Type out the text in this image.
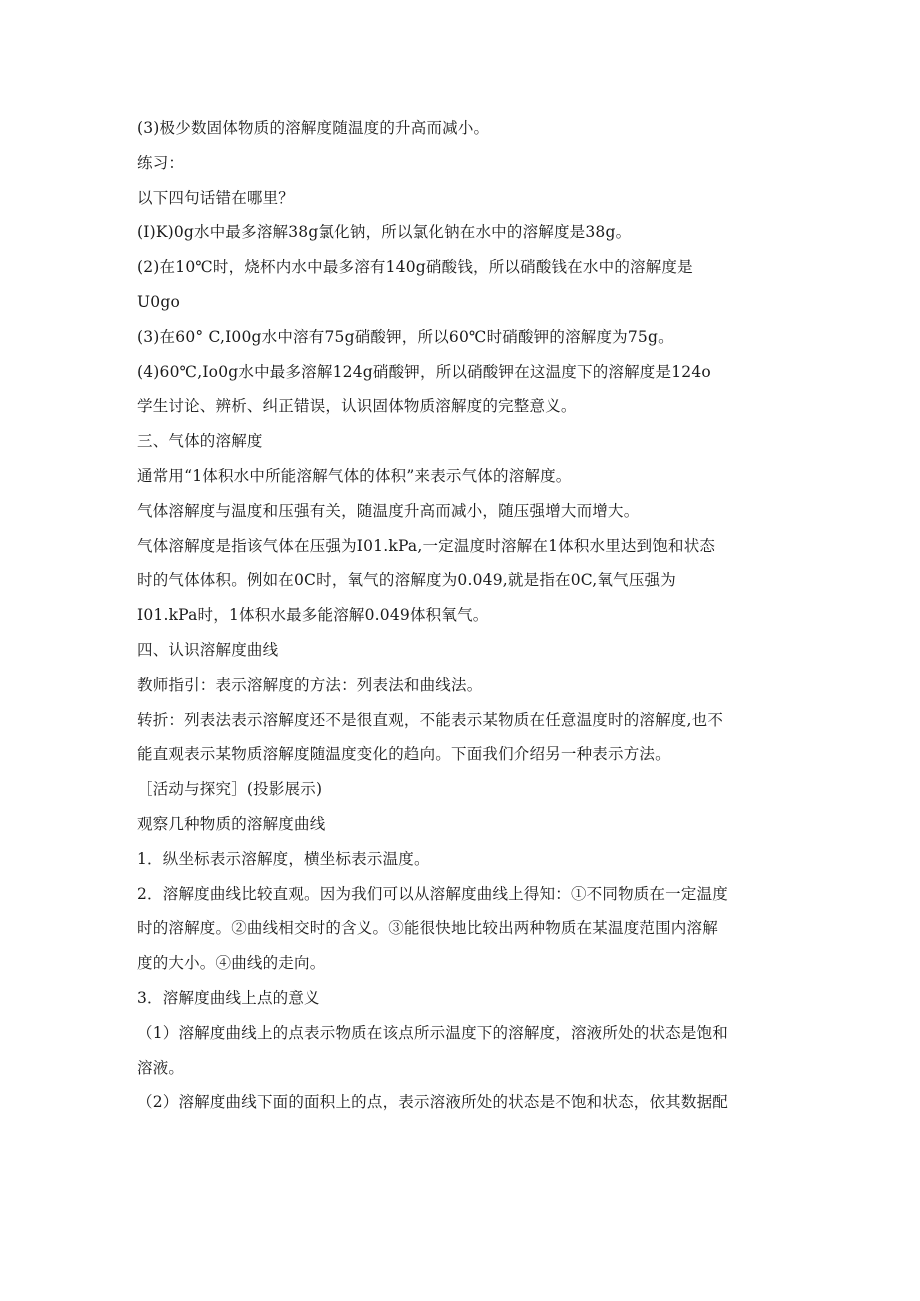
(3)极少数固体物质的溶解度随温度的升高而减小。
练习：
以下四句话错在哪里？
(I)K)0g水中最多溶解38g氯化钠，所以氯化钠在水中的溶解度是38g。
(2)在10℃时，烧杯内水中最多溶有140g硝酸钱，所以硝酸钱在水中的溶解度是
U0go
(3)在60° C,I00g水中溶有75g硝酸钾，所以60℃时硝酸钾的溶解度为75g。
(4)60℃,Io0g水中最多溶解124g硝酸钾，所以硝酸钾在这温度下的溶解度是124o
学生讨论、辨析、纠正错误，认识固体物质溶解度的完整意义。
三、气体的溶解度
通常用“1体积水中所能溶解气体的体积”来表示气体的溶解度。
气体溶解度与温度和压强有关，随温度升高而减小，随压强增大而增大。
气体溶解度是指该气体在压强为I01.kPa,一定温度时溶解在1体积水里达到饱和状态
时的气体体积。例如在0C时，氧气的溶解度为0.049,就是指在0C,氧气压强为
I01.kPa时，1体积水最多能溶解0.049体积氧气。
四、认识溶解度曲线
教师指引：表示溶解度的方法：列表法和曲线法。
转折：列表法表示溶解度还不是很直观，不能表示某物质在任意温度时的溶解度,也不
能直观表示某物质溶解度随温度变化的趋向。下面我们介绍另一种表示方法。
［活动与探究］(投影展示)
观察几种物质的溶解度曲线
1．纵坐标表示溶解度，横坐标表示温度。
2．溶解度曲线比较直观。因为我们可以从溶解度曲线上得知：①不同物质在一定温度
时的溶解度。②曲线相交时的含义。③能很快地比较出两种物质在某温度范围内溶解
度的大小。④曲线的走向。
3．溶解度曲线上点的意义
（1）溶解度曲线上的点表示物质在该点所示温度下的溶解度，溶液所处的状态是饱和
溶液。
（2）溶解度曲线下面的面积上的点，表示溶液所处的状态是不饱和状态，依其数据配
